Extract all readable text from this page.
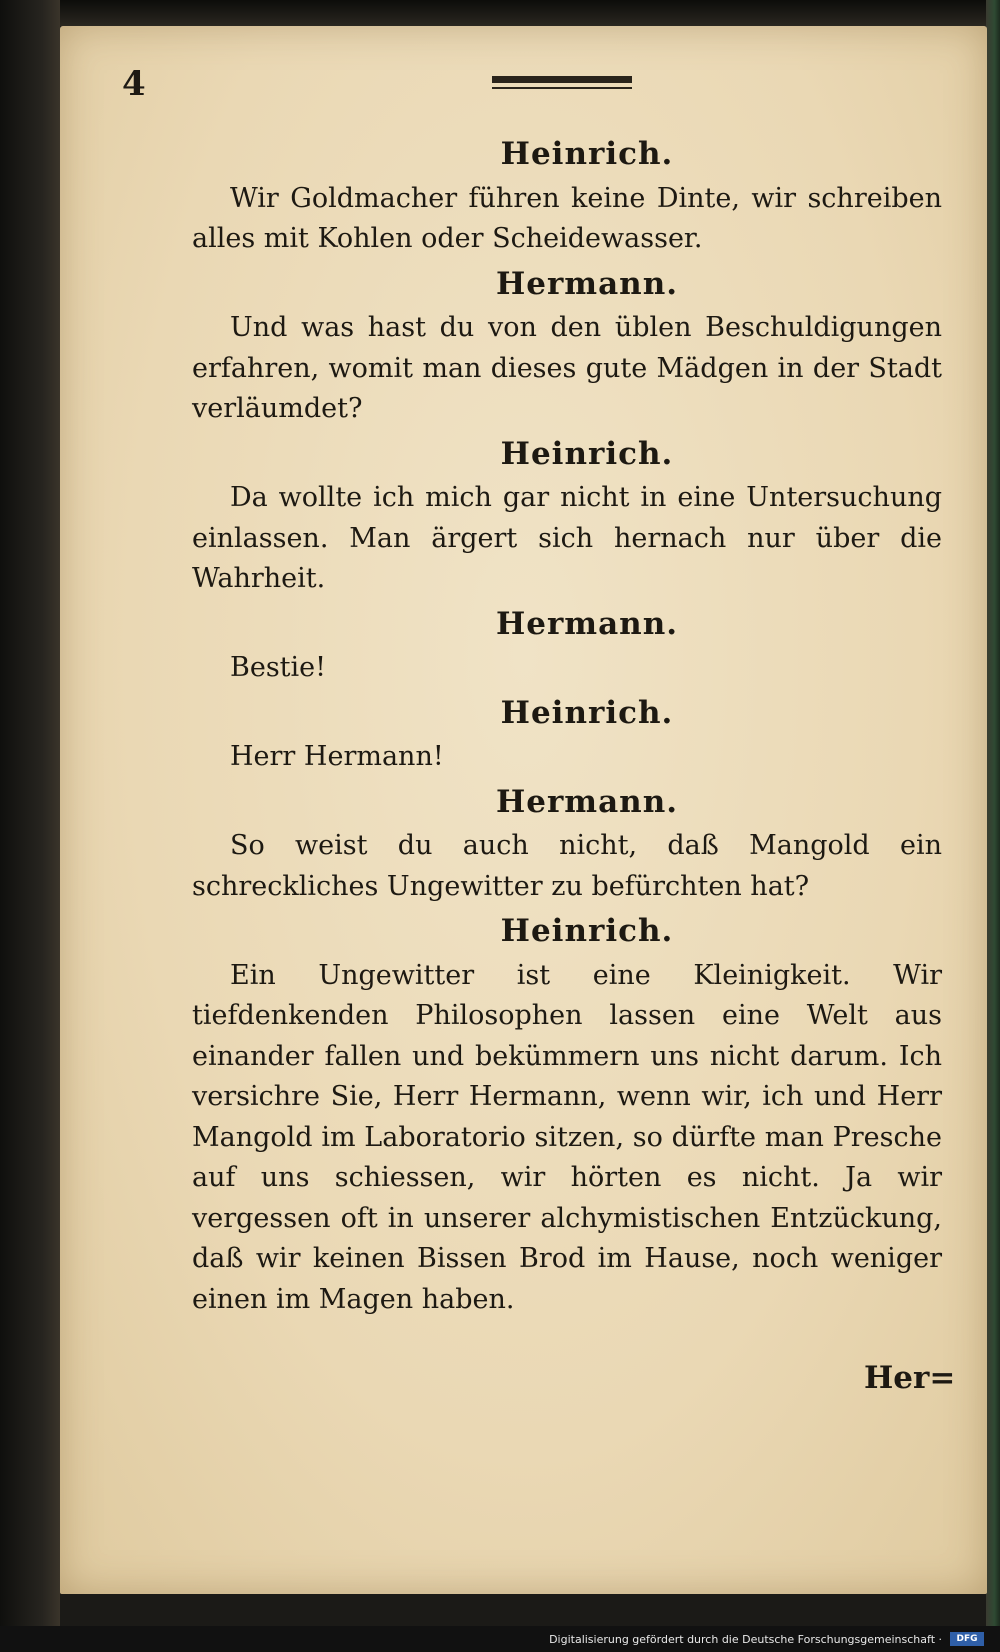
4
Heinrich.

Wir Goldmacher führen keine Dinte, wir schreiben alles mit Kohlen oder Scheidewasser.

Hermann.

Und was hast du von den üblen Beschuldigungen erfahren, womit man dieses gute Mädgen in der Stadt verläumdet?

Heinrich.

Da wollte ich mich gar nicht in eine Untersuchung einlassen. Man ärgert sich hernach nur über die Wahrheit.

Hermann.

Bestie!

Heinrich.

Herr Hermann!

Hermann.

So weist du auch nicht, daß Mangold ein schreckliches Ungewitter zu befürchten hat?

Heinrich.

Ein Ungewitter ist eine Kleinigkeit. Wir tiefdenkenden Philosophen lassen eine Welt aus einander fallen und bekümmern uns nicht darum. Ich versichre Sie, Herr Hermann, wenn wir, ich und Herr Mangold im Laboratorio sitzen, so dürfte man Presche auf uns schiessen, wir hörten es nicht. Ja wir vergessen oft in unserer alchymistischen Entzückung, daß wir keinen Bissen Brod im Hause, noch weniger einen im Magen haben.

Her=
Digitalisierung gefördert durch die Deutsche Forschungsgemeinschaft ·	DFG
